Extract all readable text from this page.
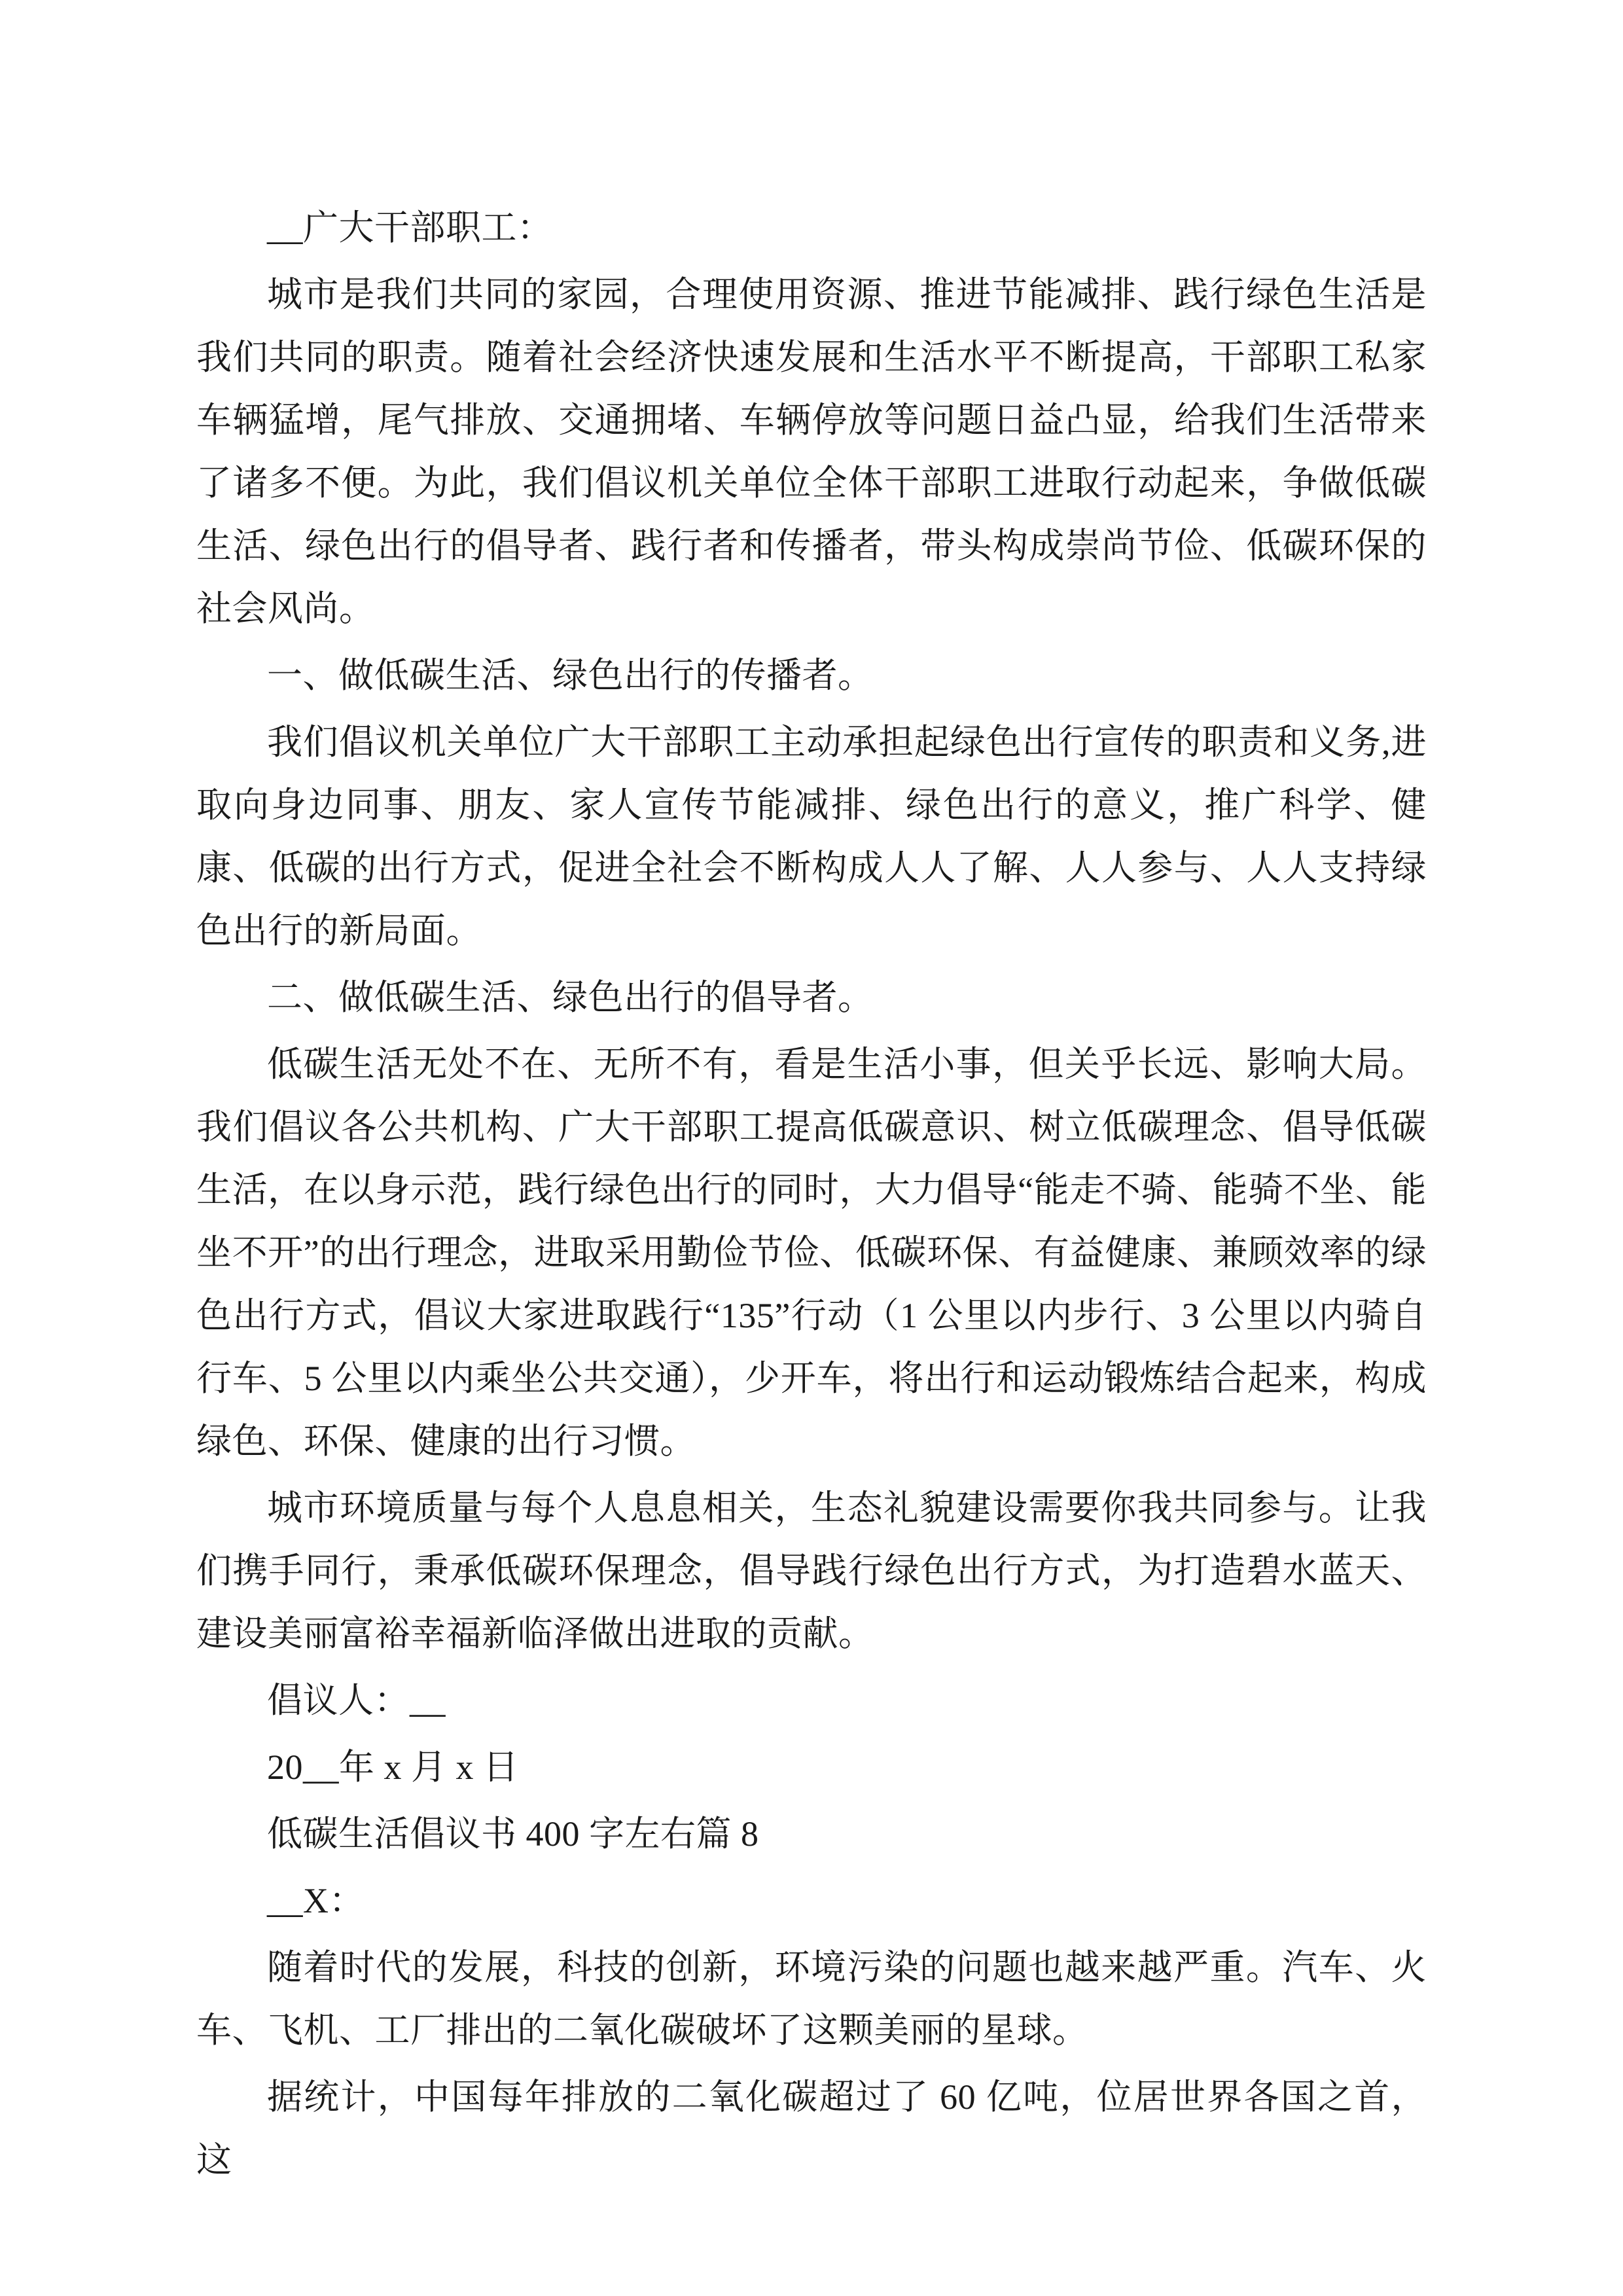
__广大干部职工：

城市是我们共同的家园，合理使用资源、推进节能减排、践行绿色生活是我们共同的职责。随着社会经济快速发展和生活水平不断提高，干部职工私家车辆猛增，尾气排放、交通拥堵、车辆停放等问题日益凸显，给我们生活带来了诸多不便。为此，我们倡议机关单位全体干部职工进取行动起来，争做低碳生活、绿色出行的倡导者、践行者和传播者，带头构成崇尚节俭、低碳环保的社会风尚。

一、做低碳生活、绿色出行的传播者。

我们倡议机关单位广大干部职工主动承担起绿色出行宣传的职责和义务,进取向身边同事、朋友、家人宣传节能减排、绿色出行的意义，推广科学、健康、低碳的出行方式，促进全社会不断构成人人了解、人人参与、人人支持绿色出行的新局面。

二、做低碳生活、绿色出行的倡导者。

低碳生活无处不在、无所不有，看是生活小事，但关乎长远、影响大局。我们倡议各公共机构、广大干部职工提高低碳意识、树立低碳理念、倡导低碳生活，在以身示范，践行绿色出行的同时，大力倡导“能走不骑、能骑不坐、能坐不开”的出行理念，进取采用勤俭节俭、低碳环保、有益健康、兼顾效率的绿色出行方式，倡议大家进取践行“135”行动（1 公里以内步行、3 公里以内骑自行车、5 公里以内乘坐公共交通），少开车，将出行和运动锻炼结合起来，构成绿色、环保、健康的出行习惯。

城市环境质量与每个人息息相关，生态礼貌建设需要你我共同参与。让我们携手同行，秉承低碳环保理念，倡导践行绿色出行方式，为打造碧水蓝天、建设美丽富裕幸福新临泽做出进取的贡献。

倡议人：__

20__年 x 月 x 日

低碳生活倡议书 400 字左右篇 8

__X：

随着时代的发展，科技的创新，环境污染的问题也越来越严重。汽车、火车、飞机、工厂排出的二氧化碳破坏了这颗美丽的星球。

据统计，中国每年排放的二氧化碳超过了 60 亿吨，位居世界各国之首，这
